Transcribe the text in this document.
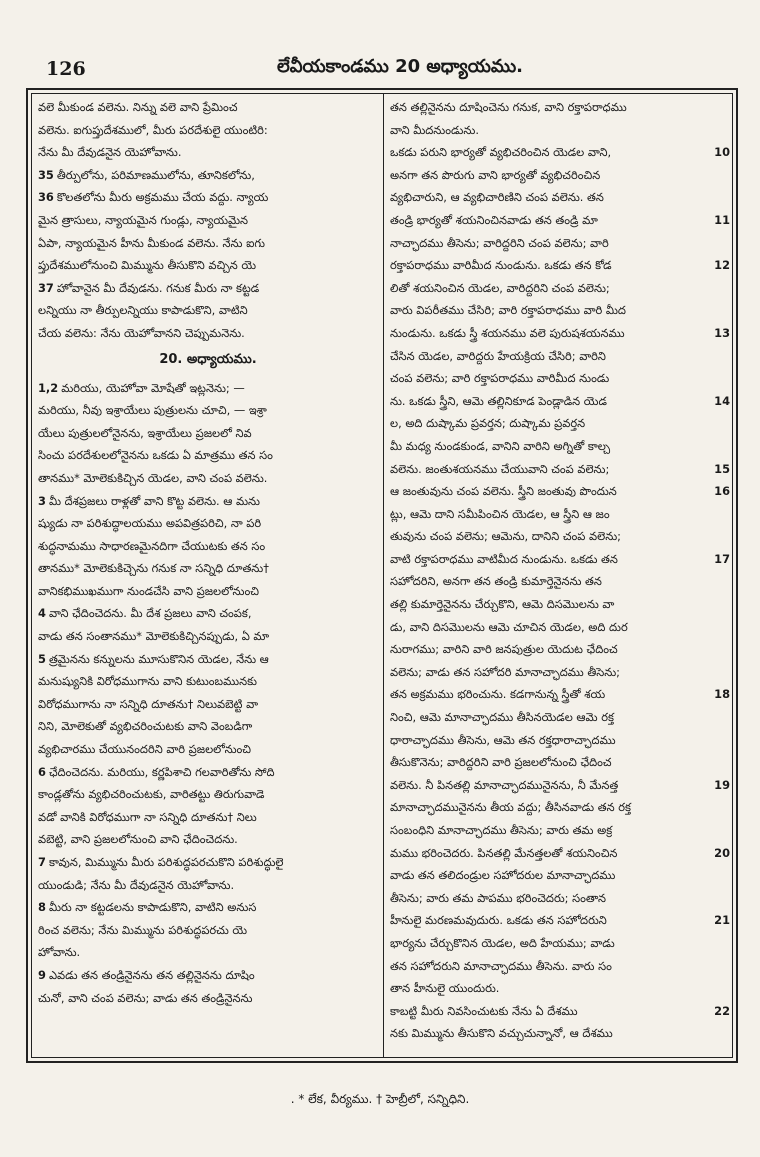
126	లేవీయకాండము 20 అధ్యాయము.
వలె మీకుండ వలెను. నిన్ను వలె వాని ప్రేమించ
వలెను. ఐగుప్తుదేశములో, మీరు పరదేశులై యుంటిరి:
నేను మీ దేవుడనైన యెహోవాను.
35 తీర్పులోను, పరిమాణములోను, తూనికలోను,
36 కొలతలోను మీరు అక్రమము చేయ వద్దు. న్యాయ
మైన త్రాసులు, న్యాయమైన గుండ్లు, న్యాయమైన
ఏపా, న్యాయమైన హీను మీకుండ వలెను. నేను ఐగు
ప్తుదేశములోనుంచి మిమ్మును తీసుకొని వచ్చిన యె
37 హోవానైన మీ దేవుడను. గనుక మీరు నా కట్టడ
లన్నియు నా తీర్పులన్నియు కాపాడుకొని, వాటిని
చేయ వలెను: నేను యెహోవానని చెప్పుమనెను.
20. అధ్యాయము.
1,2 మరియు, యెహోవా మోషేతో ఇట్లనెను; —
మరియు, నీవు ఇశ్రాయేలు పుత్రులను చూచి, — ఇశ్రా
యేలు పుత్రులలోనైనను, ఇశ్రాయేలు ప్రజలలో నివ
సించు పరదేశులలోనైనను ఒకడు ఏ మాత్రము తన సం
తానము* మోలెకుకిచ్చిన యెడల, వాని చంప వలెను.
3 మీ దేశప్రజలు రాళ్లతో వాని కొట్ట వలెను. ఆ మను
ష్యుడు నా పరిశుద్ధాలయము అపవిత్రపరిచి, నా పరి
శుద్ధనామము సాధారణమైనదిగా చేయుటకు తన సం
తానము* మోలెకుకిచ్చెను గనుక నా సన్నిధి దూతను†
వానికభిముఖముగా నుండచేసి వాని ప్రజలలోనుంచి
4 వాని ఛేదించెదను. మీ దేశ ప్రజలు వాని చంపక,
వాడు తన సంతానము* మోలెకుకిచ్చినప్పుడు, ఏ మా
5 త్రమైనను కన్నులను మూసుకొనిన యెడల, నేను ఆ
మనుష్యునికి విరోధముగాను వాని కుటుంబమునకు
విరోధముగాను నా సన్నిధి దూతను† నిలువబెట్టి వా
నిని, మోలెకుతో వ్యభిచరించుటకు వాని వెంబడిగా
వ్యభిచారము చేయునందరిని వారి ప్రజలలోనుంచి
6 ఛేదించెదను. మరియు, కర్ణపిశాచి గలవారితోను సోది
కాండ్లతోను వ్యభిచరించుటకు, వారితట్టు తిరుగువాడె
వడో వానికి విరోధముగా నా సన్నిధి దూతను† నిలు
వబెట్టి, వాని ప్రజలలోనుంచి వాని ఛేదించెదను.
7 కావున, మిమ్మును మీరు పరిశుద్ధపరచుకొని పరిశుద్ధులై
యుండుడి; నేను మీ దేవుడనైన యెహోవాను.
8 మీరు నా కట్టడలను కాపాడుకొని, వాటిని అనుస
రించ వలెను; నేను మిమ్మును పరిశుద్ధపరచు యె
హోవాను.
9 ఎవడు తన తండ్రినైనను తన తల్లినైనను దూషిం
చునో, వాని చంప వలెను; వాడు తన తండ్రినైనను
తన తల్లినైనను దూషించెను గనుక, వాని రక్తాపరాధము
వాని మీదనుండును.
10
ఒకడు పరుని భార్యతో వ్యభిచరించిన యెడల వాని,
అనగా తన పొరుగు వాని భార్యతో వ్యభిచరించిన
వ్యభిచారుని, ఆ వ్యభిచారిణిని చంప వలెను. తన
11
తండ్రి భార్యతో శయనించినవాడు తన తండ్రి మా
నాచ్ఛాదము తీసెను; వారిద్దరిని చంప వలెను; వారి
12
రక్తాపరాధము వారిమీద నుండును. ఒకడు తన కోడ
లితో శయనించిన యెడల, వారిద్దరిని చంప వలెను;
వారు విపరీతము చేసిరి; వారి రక్తాపరాధము వారి మీద
13
నుండును. ఒకడు స్త్రీ శయనము వలె పురుషశయనము
చేసిన యెడల, వారిద్దరు హేయక్రియ చేసిరి; వారిని
చంప వలెను; వారి రక్తాపరాధము వారిమీద నుండు
14
ను. ఒకడు స్త్రీని, ఆమె తల్లినికూడ పెండ్లాడిన యెడ
ల, అది దుష్కామ ప్రవర్తన; దుష్కామ ప్రవర్తన
మీ మధ్య నుండకుండ, వానిని వారిని అగ్నితో కాల్చ
15
వలెను. జంతుశయనము చేయువాని చంప వలెను;
16
ఆ జంతువును చంప వలెను. స్త్రీని జంతువు పొందున
ట్లు, ఆమె దాని సమీపించిన యెడల, ఆ స్త్రీని ఆ జం
తువును చంప వలెను; ఆమెను, దానిని చంప వలెను;
17
వాటి రక్తాపరాధము వాటిమీద నుండును. ఒకడు తన
సహోదరిని, అనగా తన తండ్రి కుమార్తెనైనను తన
తల్లి కుమార్తెనైనను చేర్చుకొని, ఆమె దిసమొలను వా
డు, వాని దిసమొలను ఆమె చూచిన యెడల, అది దుర
నురాగము; వారిని వారి జనపుత్రుల యెదుట ఛేదించ
వలెను; వాడు తన సహోదరి మానాచ్ఛాదము తీసెను;
18
తన అక్రమము భరించును. కడగానున్న స్త్రీతో శయ
నించి, ఆమె మానాచ్ఛాదము తీసినయెడల ఆమె రక్త
ధారాచ్ఛాదము తీసెను, ఆమె తన రక్తధారాచ్ఛాదము
తీసుకొనెను; వారిద్దరిని వారి ప్రజలలోనుంచి ఛేదించ
19
వలెను. నీ పినతల్లి మానాచ్ఛాదమునైనను, నీ మేనత్త
మానాచ్ఛాదమునైనను తీయ వద్దు; తీసినవాడు తన రక్త
సంబంధిని మానాచ్ఛాదము తీసెను; వారు తమ అక్ర
20
మము భరించెదరు. పినతల్లి మేనత్తలతో శయనించిన
వాడు తన తలిదండ్రుల సహోదరుల మానాచ్ఛాదము
తీసెను; వారు తమ పాపము భరించెదరు; సంతాన
21
హీనులై మరణమవుదురు. ఒకడు తన సహోదరుని
భార్యను చేర్చుకొనిన యెడల, అది హేయము; వాడు
తన సహోదరుని మానాచ్ఛాదము తీసెను. వారు సం
తాన హీనులై యుందురు.
22
కాబట్టి మీరు నివసించుటకు నేను ఏ దేశము
నకు మిమ్మును తీసుకొని వచ్చుచున్నానో, ఆ దేశము
. * లేక, వీర్యము. † హెబ్రీలో, సన్నిధిని.
